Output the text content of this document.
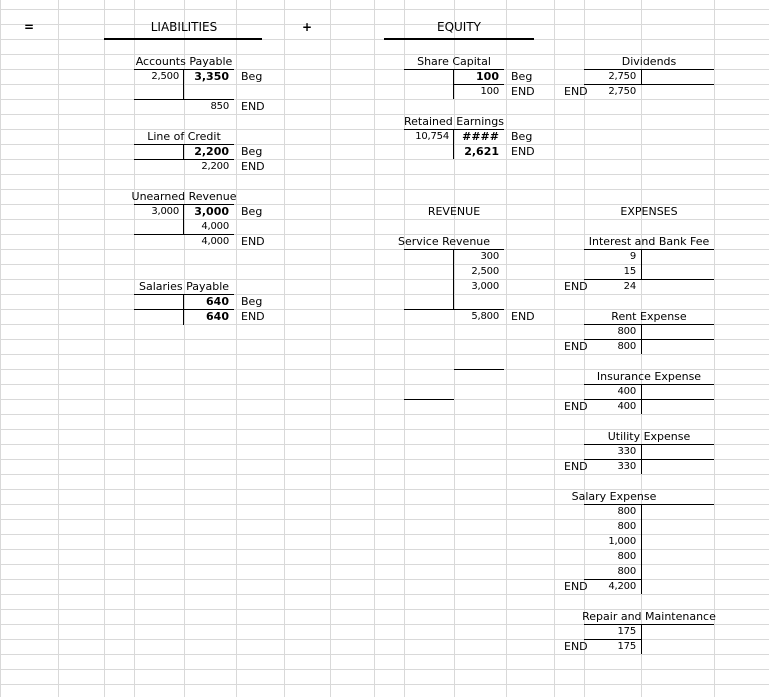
=	LIABILITIES	+	EQUITY
Accounts Payable
2,500	3,350	Beg
850	END
Line of Credit
2,200	Beg
2,200	END
Unearned Revenue
3,000	3,000	Beg
4,000
4,000	END
Salaries Payable
640	Beg
640	END
Share Capital
100	Beg
100	END
Retained Earnings
10,754	####	Beg
2,621	END
Dividends
2,750
END	2,750
REVENUE	EXPENSES
Service Revenue
300
2,500
3,000
5,800	END
Interest and Bank Fee
9
15
END	24
Rent Expense
800
END	800
Insurance Expense
400
END	400
Utility Expense
330
END	330
Salary Expense
800
800
1,000
800
800
END	4,200
Repair and Maintenance
175
END	175
